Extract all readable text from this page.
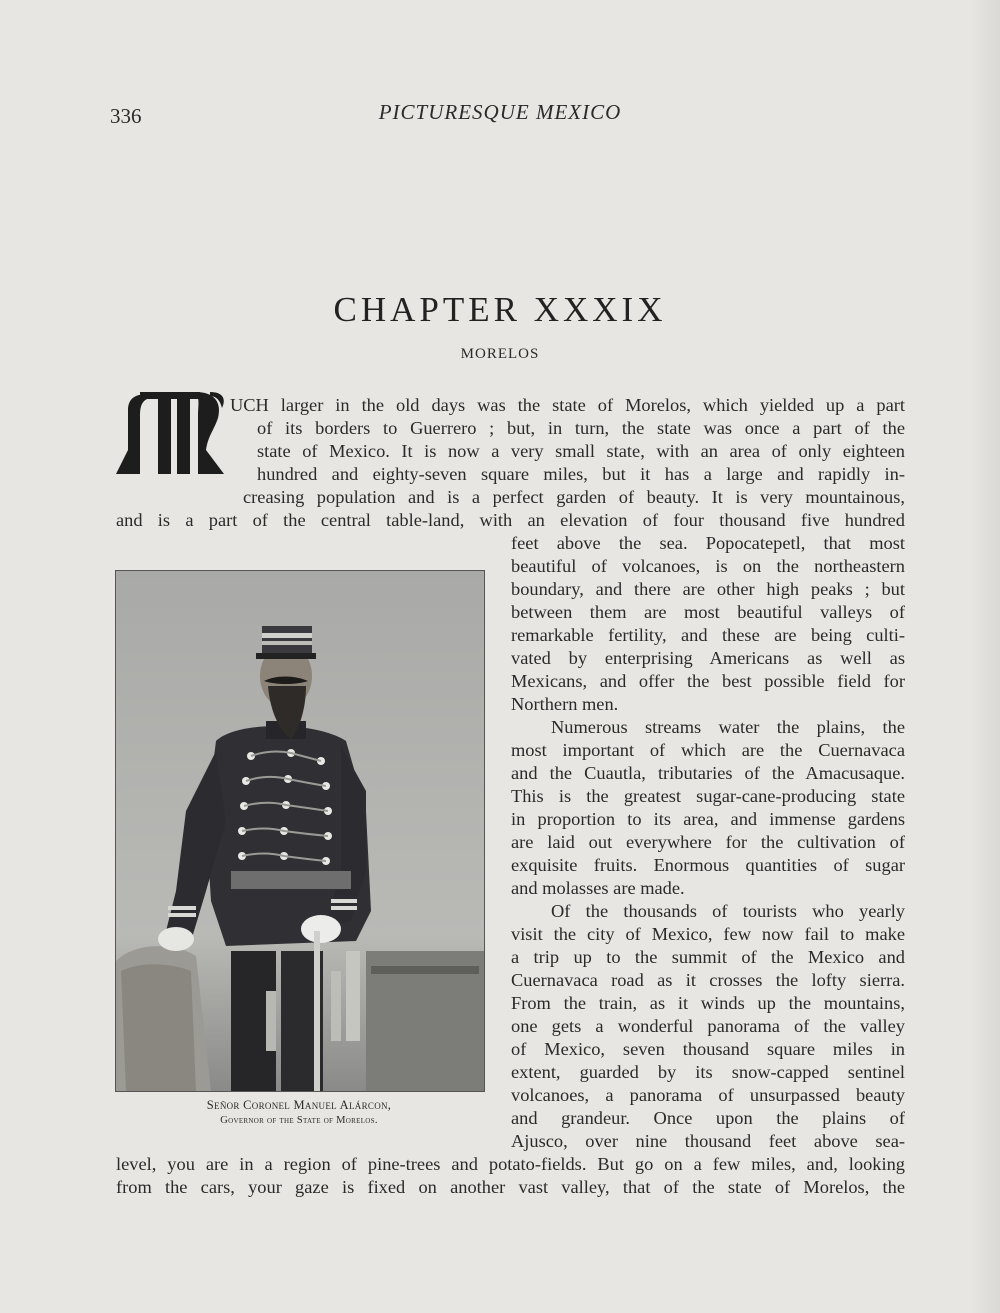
336	PICTURESQUE MEXICO
CHAPTER XXXIX
MORELOS
UCH larger in the old days was the state of Morelos, which yielded up a part
of its borders to Guerrero ; but, in turn, the state was once a part of the
state of Mexico. It is now a very small state, with an area of only eighteen
hundred and eighty-seven square miles, but it has a large and rapidly in-
creasing population and is a perfect garden of beauty. It is very mountainous,
and is a part of the central table-land, with an elevation of four thousand five hundred
feet above the sea. Popocatepetl, that most
beautiful of volcanoes, is on the northeastern
boundary, and there are other high peaks ; but
between them are most beautiful valleys of
remarkable fertility, and these are being culti-
vated by enterprising Americans as well as
Mexicans, and offer the best possible field for
Northern men.
Numerous streams water the plains, the
most important of which are the Cuernavaca
and the Cuautla, tributaries of the Amacusaque.
This is the greatest sugar-cane-producing state
in proportion to its area, and immense gardens
are laid out everywhere for the cultivation of
exquisite fruits. Enormous quantities of sugar
and molasses are made.
Of the thousands of tourists who yearly
visit the city of Mexico, few now fail to make
a trip up to the summit of the Mexico and
Cuernavaca road as it crosses the lofty sierra.
From the train, as it winds up the mountains,
one gets a wonderful panorama of the valley
of Mexico, seven thousand square miles in
extent, guarded by its snow-capped sentinel
volcanoes, a panorama of unsurpassed beauty
and grandeur. Once upon the plains of
Ajusco, over nine thousand feet above sea-
level, you are in a region of pine-trees and potato-fields. But go on a few miles, and, looking
from the cars, your gaze is fixed on another vast valley, that of the state of Morelos, the
Señor Coronel Manuel Alárcon,
Governor of the State of Morelos.
